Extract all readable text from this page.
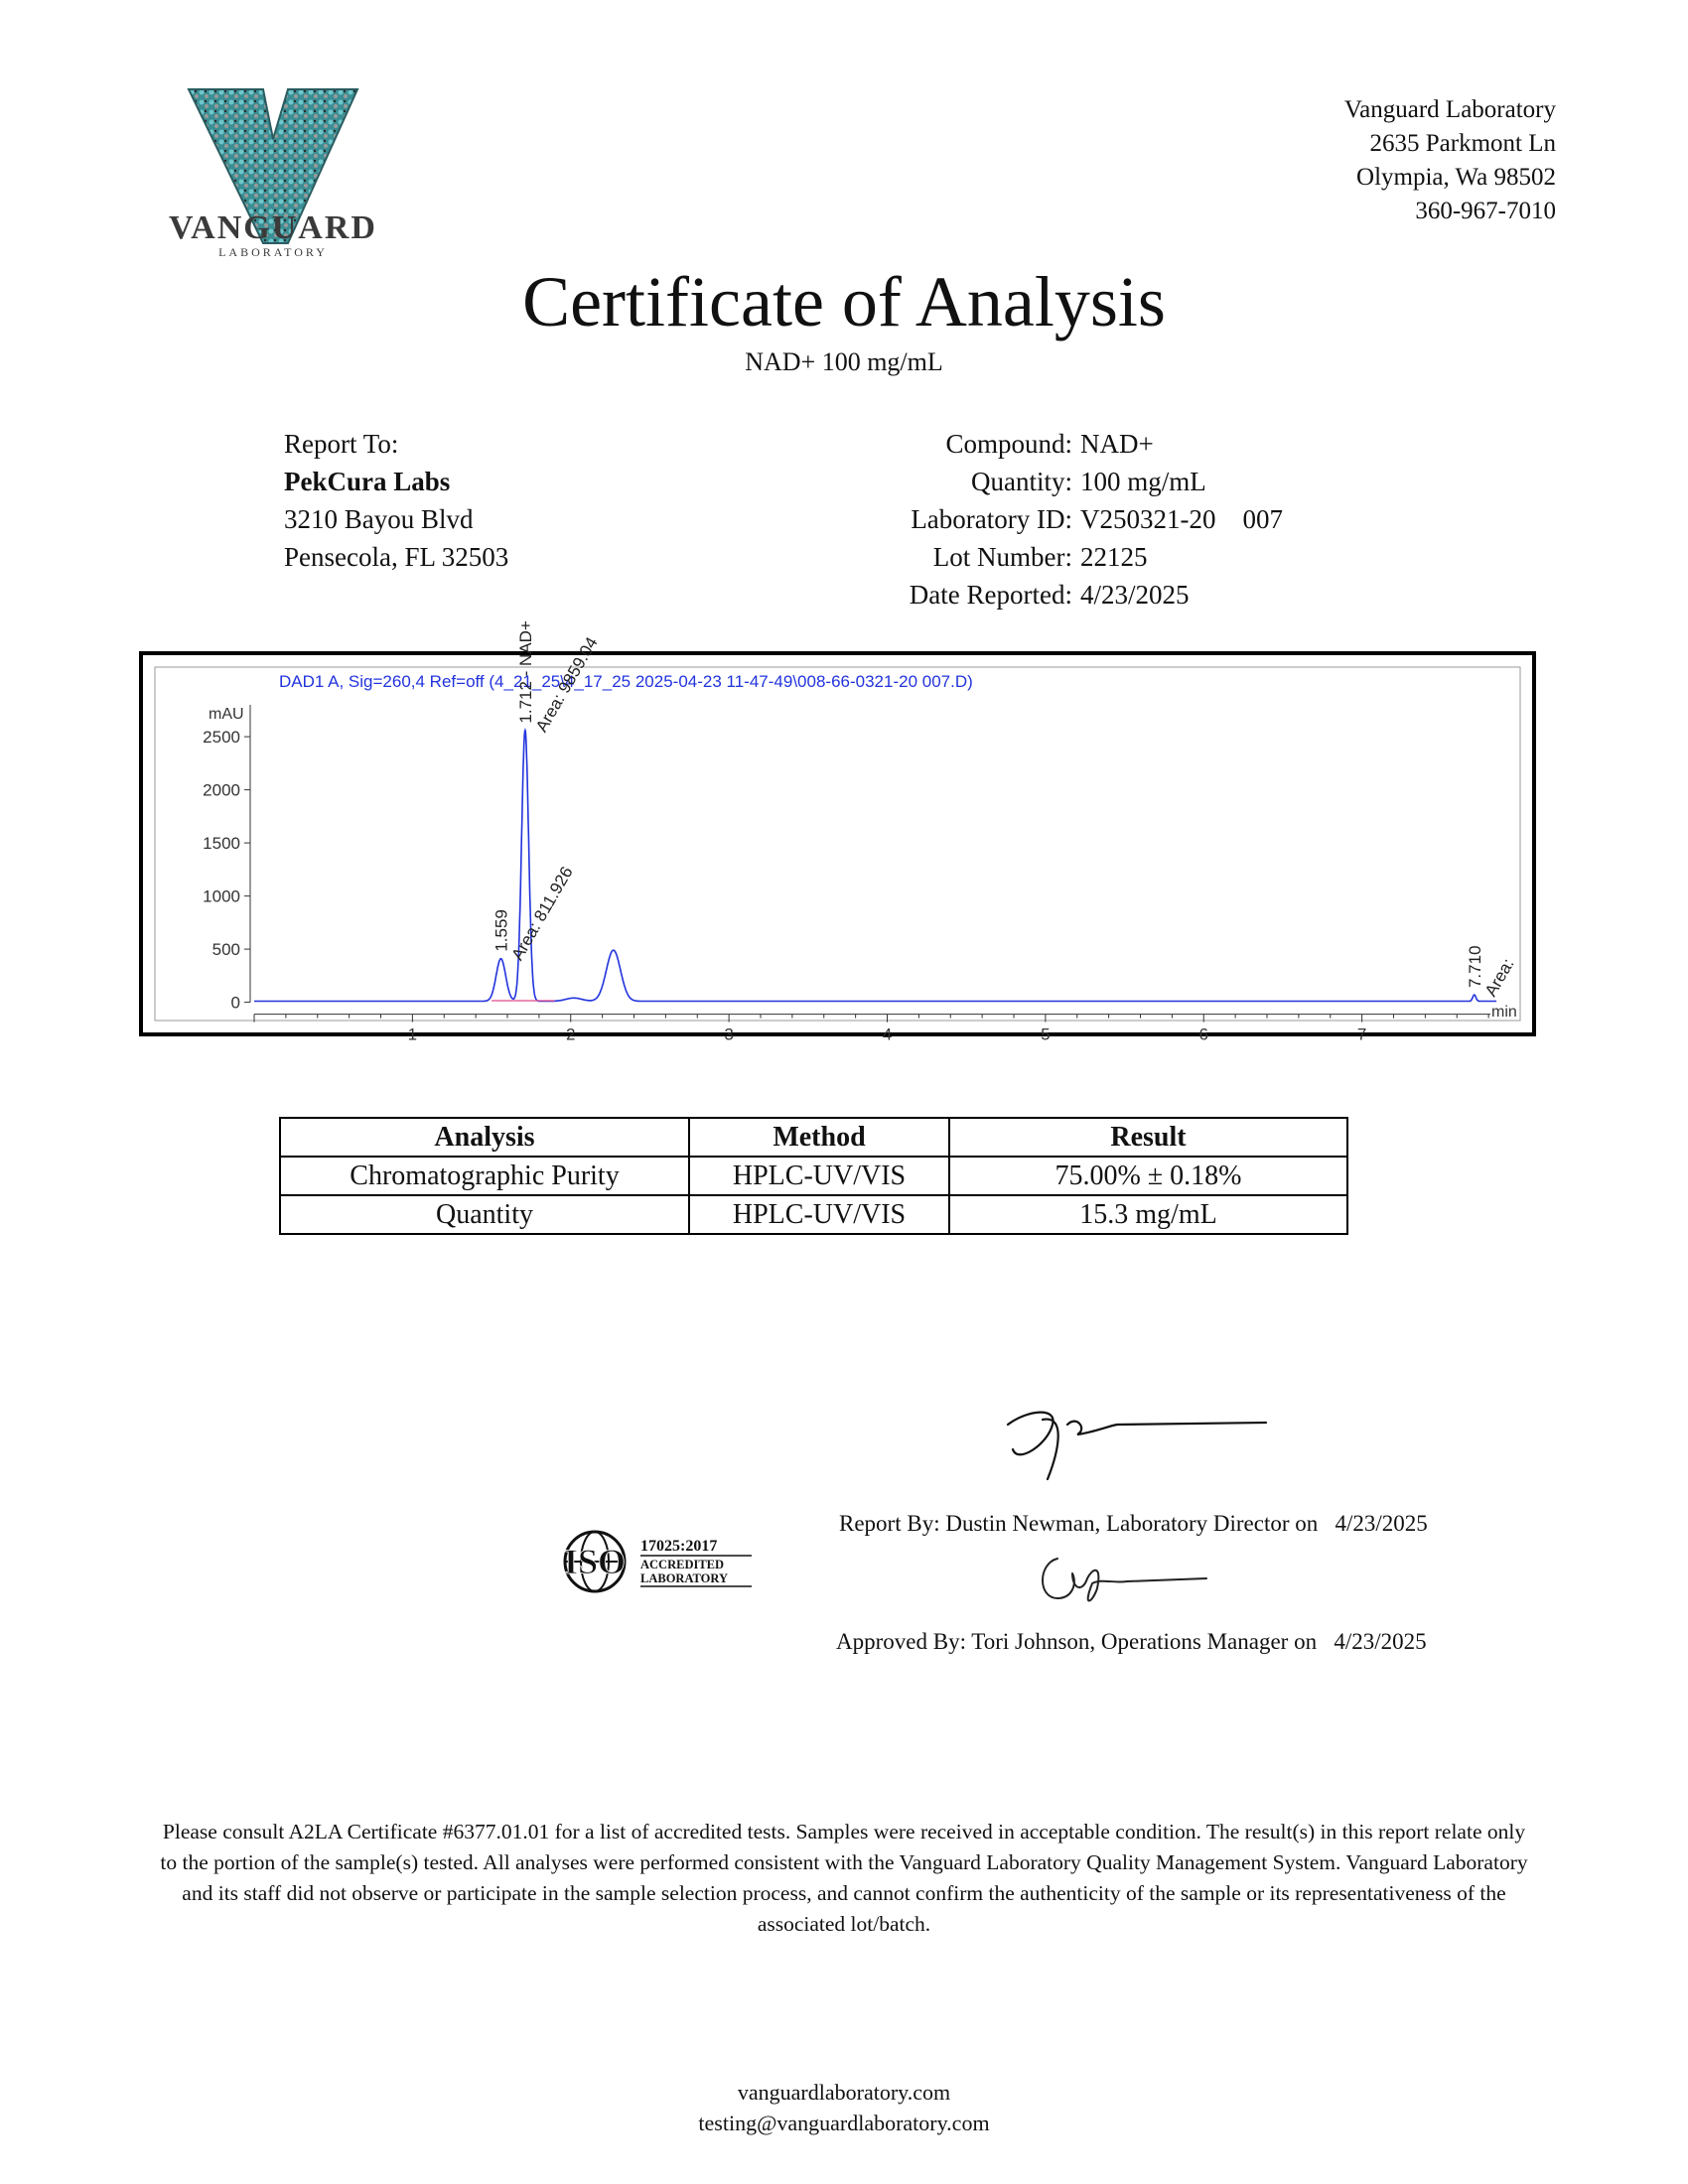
VANGUARD
LABORATORY
Vanguard Laboratory
2635 Parkmont Ln
Olympia, Wa 98502
360-967-7010
Certificate of Analysis
NAD+ 100 mg/mL
Report To:
PekCura Labs
3210 Bayou Blvd
Pensecola, FL 32503
Compound: NAD+
Quantity: 100 mg/mL
Laboratory ID: V250321-20    007
Lot Number: 22125
Date Reported: 4/23/2025
DAD1 A, Sig=260,4 Ref=off (4_21_25\4_17_25 2025-04-23 11-47-49\008-66-0321-20 007.D)
mAU
min
0
500
1000
1500
2000
2500
1	2	3	4	5	6	7
1.559
Area: 811.926
1.712 - NAD+
Area: 9859.04
7.710
Area:
Analysis	Method	Result
Chromatographic Purity	HPLC-UV/VIS	75.00% ± 0.18%
Quantity	HPLC-UV/VIS	15.3 mg/mL
Report By: Dustin Newman, Laboratory Director on   4/23/2025
Approved By: Tori Johnson, Operations Manager on   4/23/2025
ISO 17025:2017
ACCREDITED
LABORATORY
Please consult A2LA Certificate #6377.01.01 for a list of accredited tests. Samples were received in acceptable condition. The result(s) in this report relate only to the portion of the sample(s) tested. All analyses were performed consistent with the Vanguard Laboratory Quality Management System. Vanguard Laboratory and its staff did not observe or participate in the sample selection process, and cannot confirm the authenticity of the sample or its representativeness of the associated lot/batch.
vanguardlaboratory.com
testing@vanguardlaboratory.com
